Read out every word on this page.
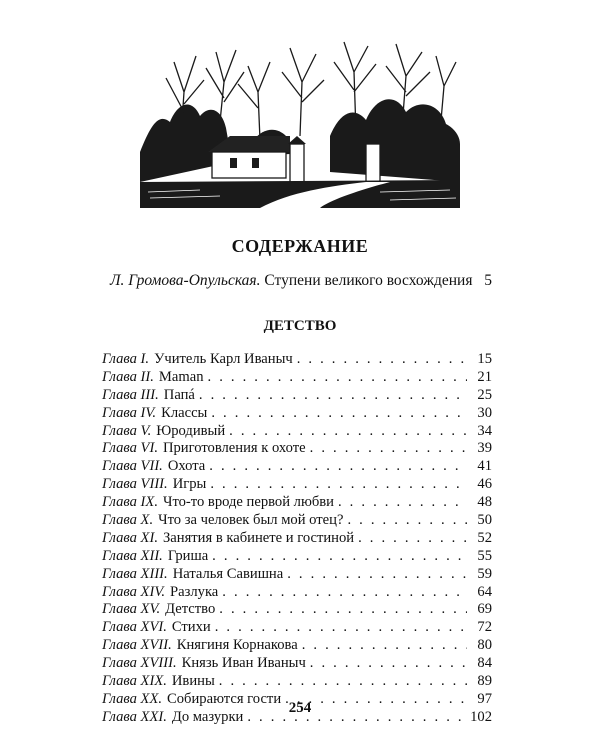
СОДЕРЖАНИЕ
Л. Громова-Опульская.
Ступени великого восхождения 5
ДЕТСТВО
Глава I. Учитель Карл Иваныч . . .	15
Глава II. Maman . . .	21
Глава III. Папá . . .	25
Глава IV. Классы . . .	30
Глава V. Юродивый . . .	34
Глава VI. Приготовления к охоте . . .	39
Глава VII. Охота . . .	41
Глава VIII. Игры . . .	46
Глава IX. Что-то вроде первой любви . . .	48
Глава X. Что за человек был мой отец? . . .	50
Глава XI. Занятия в кабинете и гостиной . . .	52
Глава XII. Гриша . . .	55
Глава XIII. Наталья Савишна . . .	59
Глава XIV. Разлука . . .	64
Глава XV. Детство . . .	69
Глава XVI. Стихи . . .	72
Глава XVII. Княгиня Корнакова . . .	80
Глава XVIII. Князь Иван Иваныч . . .	84
Глава XIX. Ивины . . .	89
Глава XX. Собираются гости . . .	97
Глава XXI. До мазурки . . .	102
254
